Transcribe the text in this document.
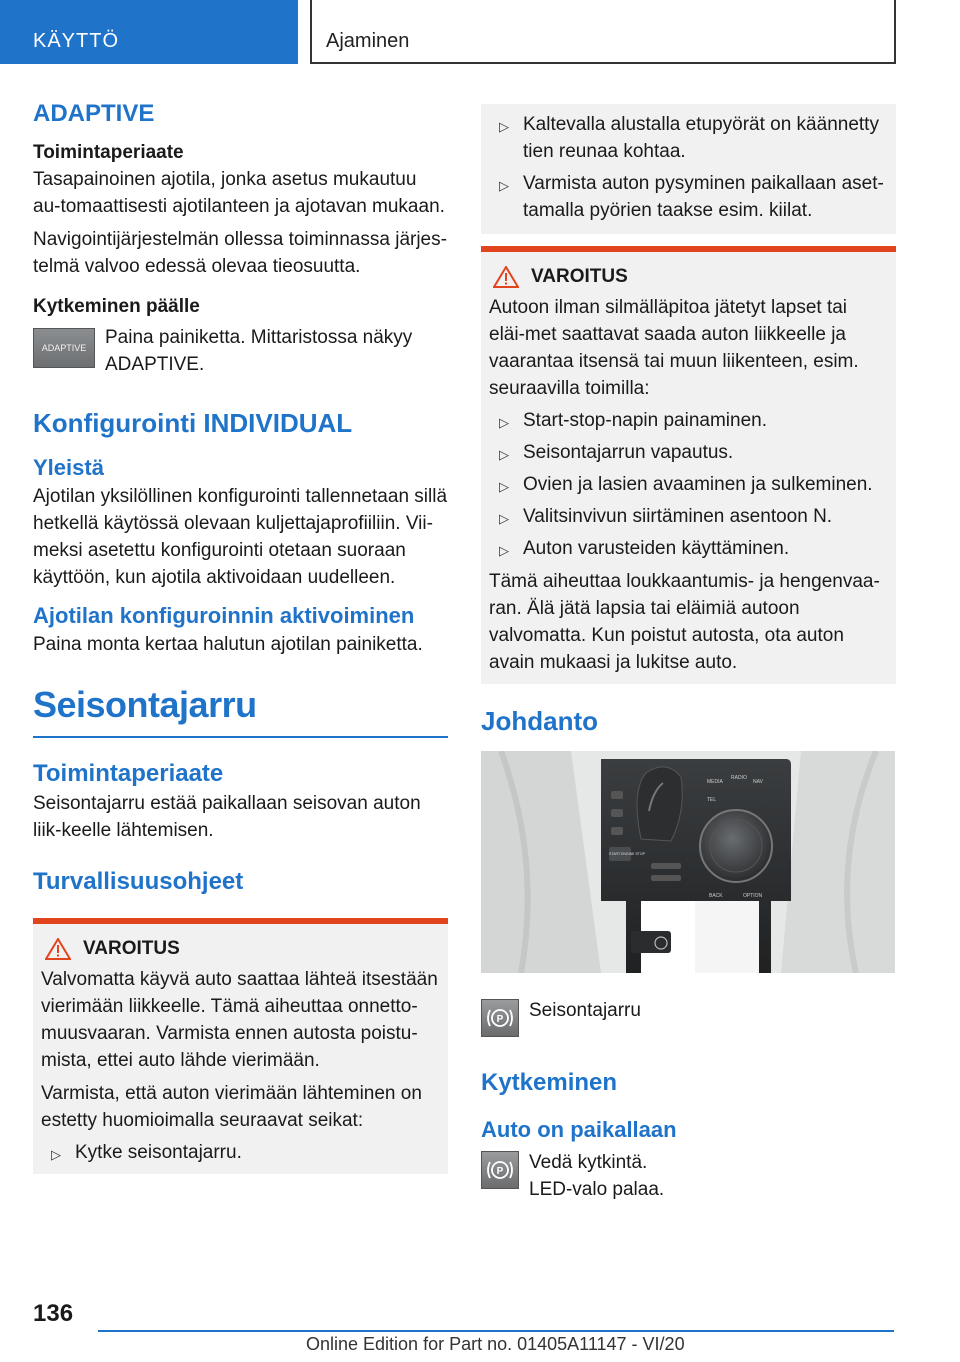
KÄYTTÖ	Ajaminen
ADAPTIVE
Toimintaperiaate

Tasapainoinen ajotila, jonka asetus mukautuu au-tomaattisesti ajotilanteen ja ajotavan mukaan.

Navigointijärjestelmän ollessa toiminnassa järjes-telmä valvoo edessä olevaa tieosuutta.

Kytkeminen päälle
ADAPTIVE Paina painiketta. Mittaristossa näkyy ADAPTIVE.

Konfigurointi INDIVIDUAL
Yleistä

Ajotilan yksilöllinen konfigurointi tallennetaan sillä hetkellä käytössä olevaan kuljettajaprofiiliin. Vii-meksi asetettu konfigurointi otetaan suoraan käyttöön, kun ajotila aktivoidaan uudelleen.

Ajotilan konfiguroinnin aktivoiminen

Paina monta kertaa halutun ajotilan painiketta.

Seisontajarru
Toimintaperiaate

Seisontajarru estää paikallaan seisovan auton liik-keelle lähtemisen.

Turvallisuusohjeet
VAROITUS

Valvomatta käyvä auto saattaa lähteä itsestään vierimään liikkeelle. Tämä aiheuttaa onnetto-muusvaaran. Varmista ennen autosta poistu-mista, ettei auto lähde vierimään.

Varmista, että auton vierimään lähteminen on estetty huomioimalla seuraavat seikat:

▷ Kytke seisontajarru.
▷ Kaltevalla alustalla etupyörät on käännetty tien reunaa kohtaa.
▷ Varmista auton pysyminen paikallaan aset-tamalla pyörien taakse esim. kiilat.
VAROITUS

Autoon ilman silmälläpitoa jätetyt lapset tai eläi-met saattavat saada auton liikkeelle ja vaarantaa itsensä tai muun liikenteen, esim. seuraavilla toimilla:

▷ Start-stop-napin painaminen.
▷ Seisontajarrun vapautus.
▷ Ovien ja lasien avaaminen ja sulkeminen.
▷ Valitsinvivun siirtäminen asentoon N.
▷ Auton varusteiden käyttäminen.

Tämä aiheuttaa loukkaantumis- ja hengenvaa-ran. Älä jätä lapsia tai eläimiä autoon valvomatta. Kun poistut autosta, ota auton avain mukaasi ja lukitse auto.

Johdanto
MEDIA
RADIO
NAV
TEL
BACK	OPTION
START ENGINE STOP
P Seisontajarru

Kytkeminen
Auto on paikallaan
P Vedä kytkintä.

LED-valo palaa.

136
Online Edition for Part no. 01405A11147 - VI/20
